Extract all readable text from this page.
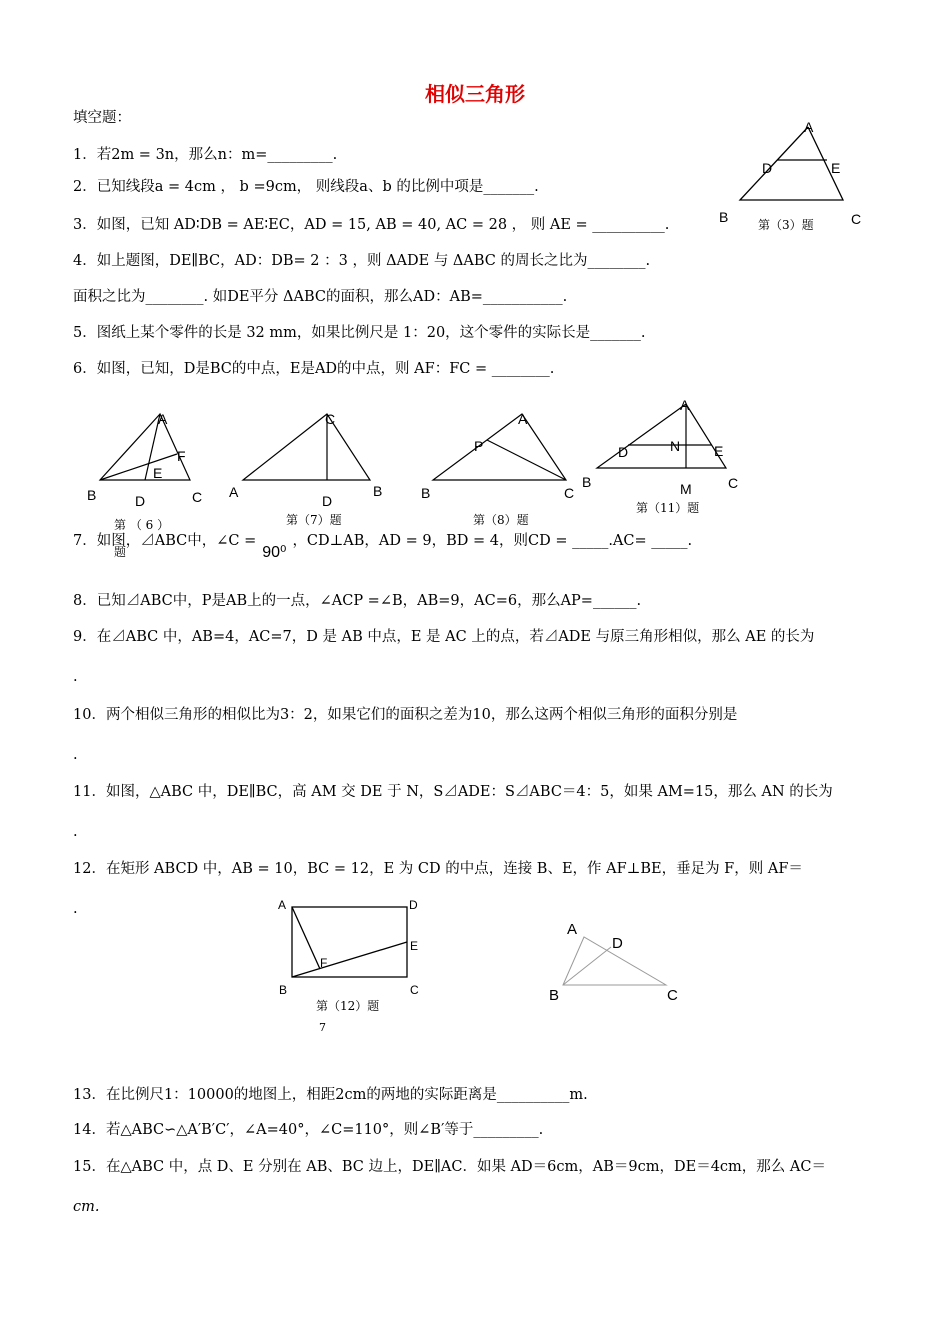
相似三角形
填空题：
1．若2m = 3n，那么n：m=_________.
2．已知线段a = 4cm ， b =9cm， 则线段a、b 的比例中项是_______.
3．如图，已知 AD∶DB = AE∶EC，AD = 15, AB = 40, AC = 28 ， 则 AE = __________.
4．如上题图，DE∥BC，AD：DB= 2 ：3 ，则 ΔADE 与 ΔABC 的周长之比为________.
面积之比为________. 如DE平分 ΔABC的面积，那么AD：AB=___________.
5．图纸上某个零件的长是 32 mm，如果比例尺是 1：20，这个零件的实际长是_______.
6．如图，已知，D是BC的中点，E是AD的中点，则 AF：FC = ________.
A
D	E
B	C
第（3）题
A
F
E
B	D	C
第 （ 6 ）
题
C
A
D
B
第（7）题
A
P
B	C
第（8）题
A
D	N E
B	M	C
第（11）题
7．如图，⊿ABC中，∠C =90⁰，CD⊥AB，AD = 9，BD = 4，则CD = _____.AC= _____.
8．已知⊿ABC中，P是AB上的一点，∠ACP =∠B，AB=9，AC=6，那么AP=______.
9．在⊿ABC 中，AB=4，AC=7，D 是 AB 中点，E 是 AC 上的点，若⊿ADE 与原三角形相似，那么 AE 的长为
.
10．两个相似三角形的相似比为3：2，如果它们的面积之差为10，那么这两个相似三角形的面积分别是
.
11．如图，△ABC 中，DE∥BC，高 AM 交 DE 于 N，S⊿ADE：S⊿ABC＝4：5，如果 AM=15，那么 AN 的长为
.
12．在矩形 ABCD 中，AB = 10，BC = 12，E 为 CD 的中点，连接 B、E，作 AF⊥BE，垂足为 F，则 AF＝
.	A	D
E
F
B	C
第（12）题
7
A
D
B	C
13．在比例尺1：10000的地图上，相距2cm的两地的实际距离是__________m.
14．若△ABC∽△A′B′C′，∠A=40°，∠C=110°，则∠B′等于_________.
15．在△ABC 中，点 D、E 分别在 AB、BC 边上，DE∥AC．如果 AD＝6cm，AB＝9cm，DE＝4cm，那么 AC＝
cm.
